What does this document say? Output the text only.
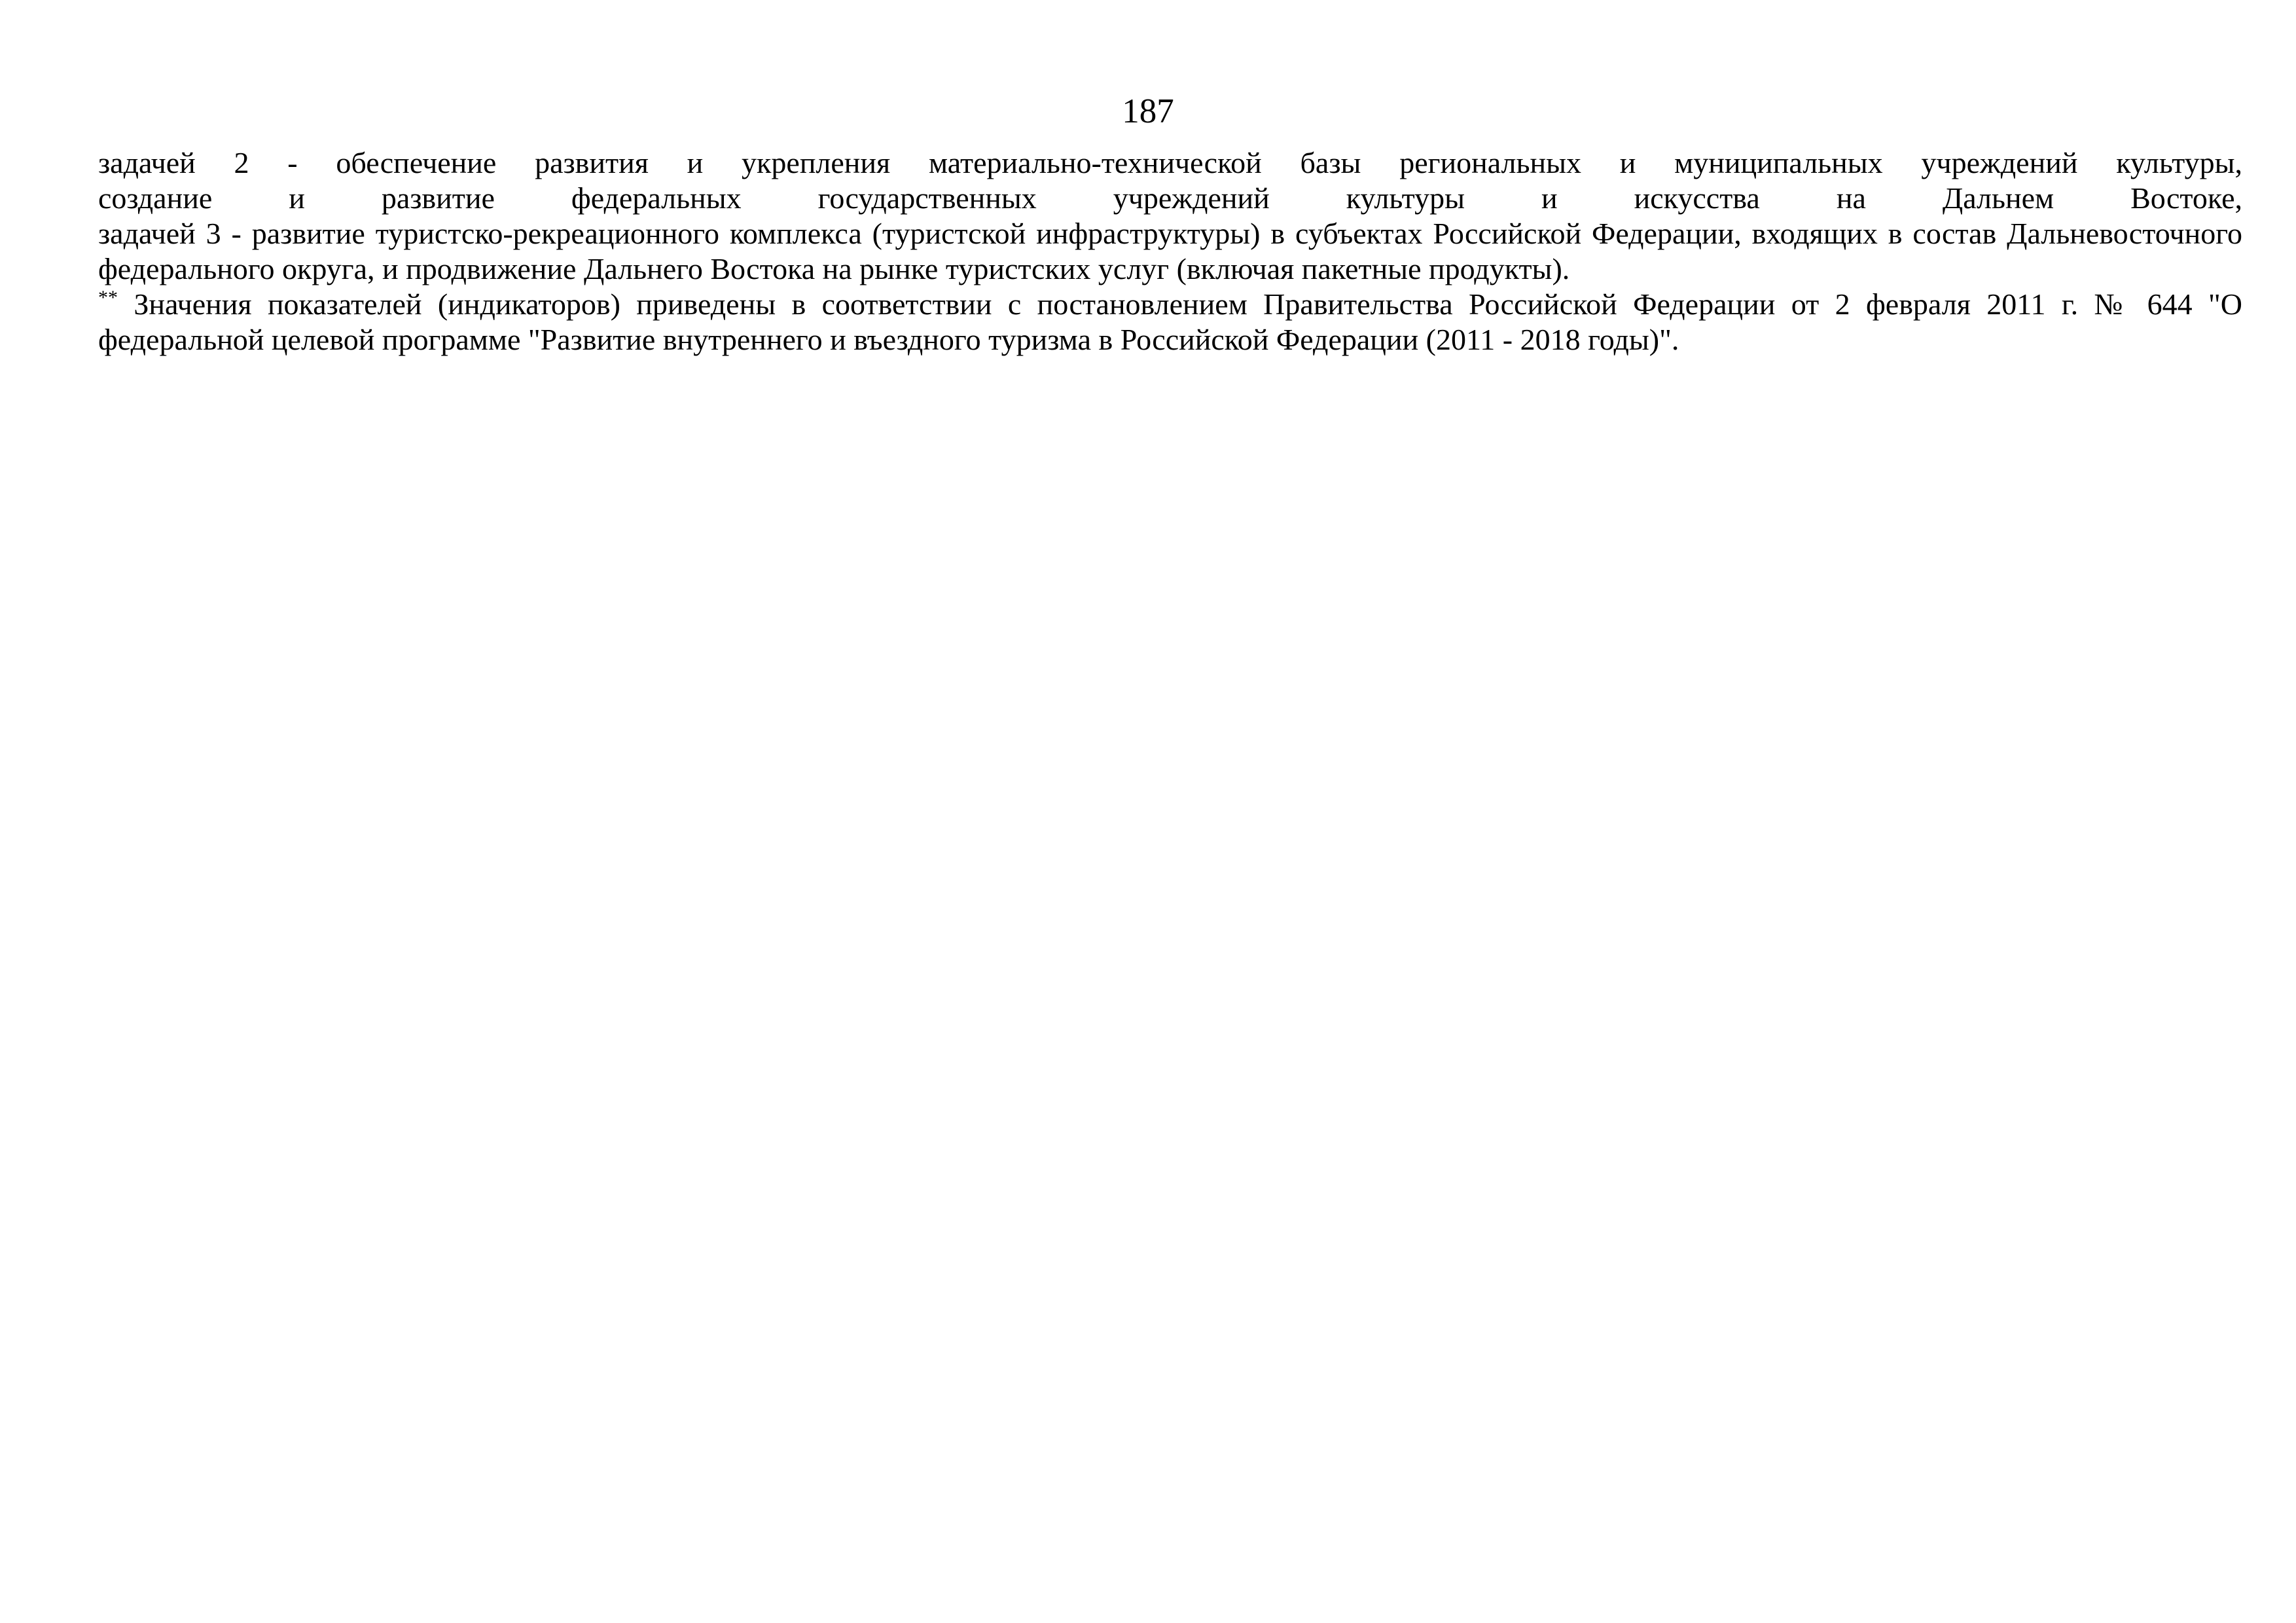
187

задачей 2 - обеспечение развития и укрепления материально-технической базы региональных и муниципальных учреждений культуры,

создание и развитие федеральных государственных учреждений культуры и искусства на Дальнем Востоке,

задачей 3 - развитие туристско-рекреационного комплекса (туристской инфраструктуры) в субъектах Российской Федерации, входящих в состав Дальневосточного федерального округа, и продвижение Дальнего Востока на рынке туристских услуг (включая пакетные продукты).

** Значения показателей (индикаторов) приведены в соответствии с постановлением Правительства Российской Федерации от 2 февраля 2011 г. № 644 "О федеральной целевой программе "Развитие внутреннего и въездного туризма в Российской Федерации (2011 - 2018 годы)".
